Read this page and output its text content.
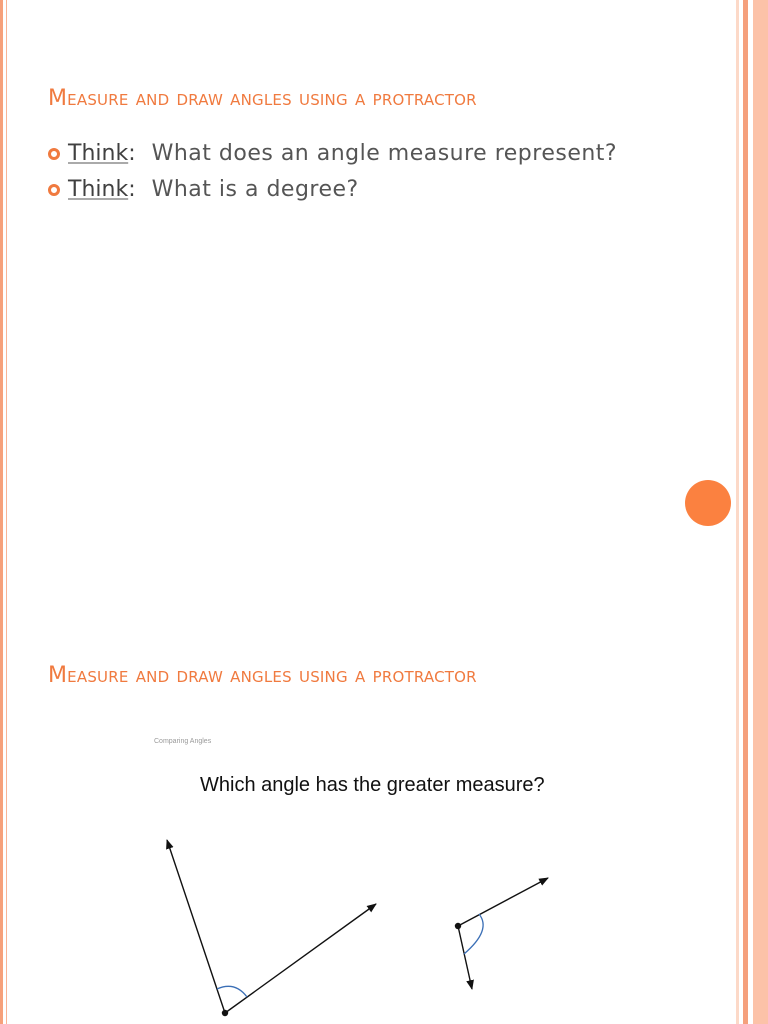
Measure and draw angles using a protractor
Think : What does an angle measure represent?
Think : What is a degree?
Measure and draw angles using a protractor
Comparing Angles
Which angle has the greater measure?
